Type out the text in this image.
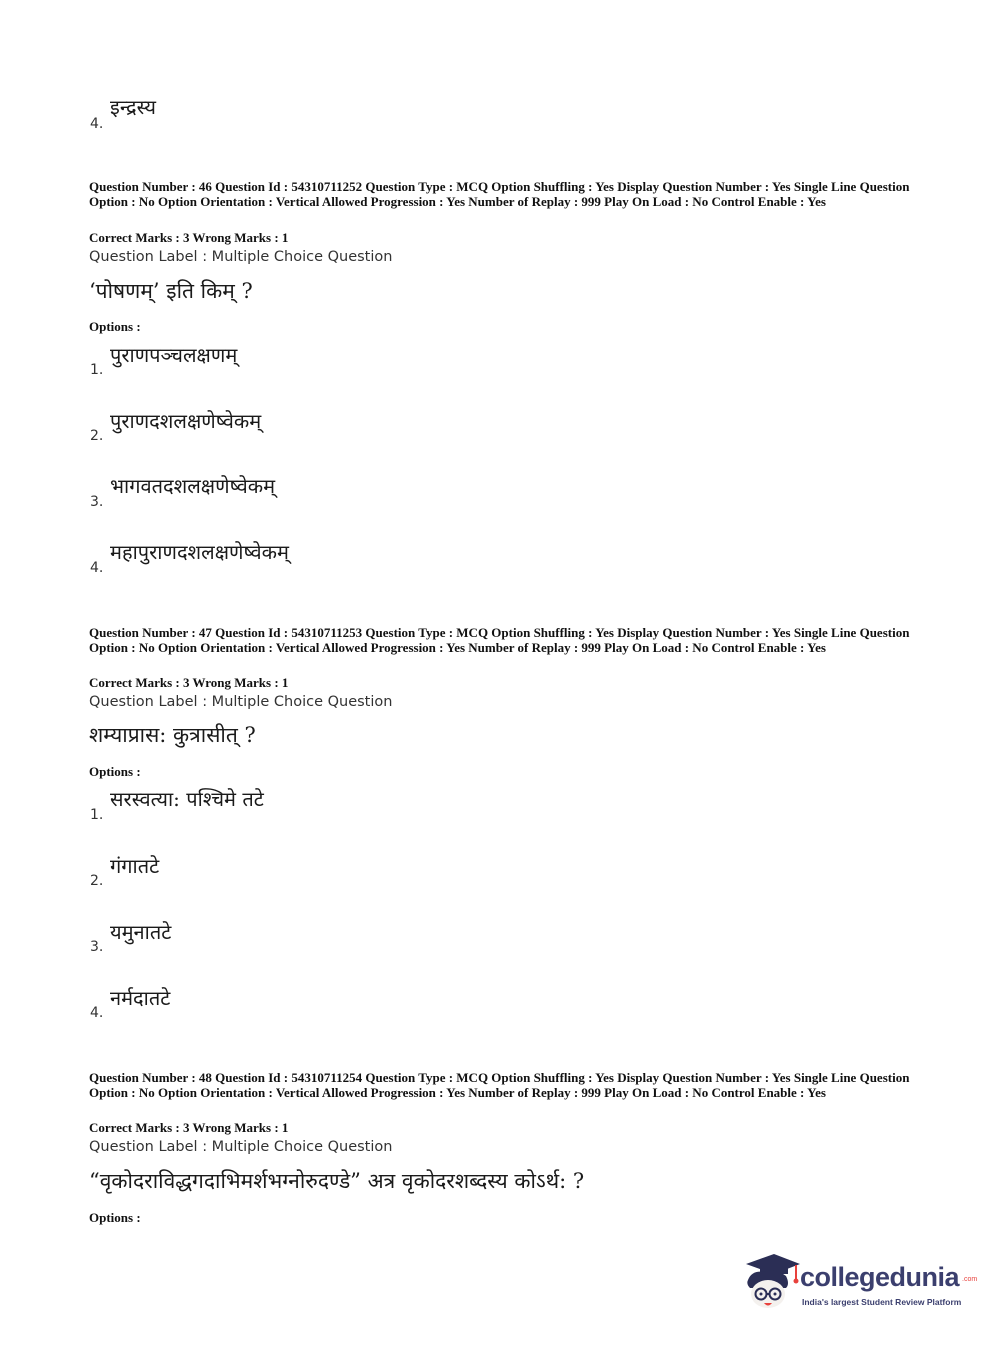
4.
इन्द्रस्य
Question Number : 46 Question Id : 54310711252 Question Type : MCQ Option Shuffling : Yes Display Question Number : Yes Single Line Question Option : No Option Orientation : Vertical Allowed Progression : Yes Number of Replay : 999 Play On Load : No Control Enable : Yes
Correct Marks : 3 Wrong Marks : 1
Question Label : Multiple Choice Question
‘पोषणम्’ इति किम् ?
Options :
1.
पुराणपञ्चलक्षणम्
2.
पुराणदशलक्षणेष्वेकम्
3.
भागवतदशलक्षणेष्वेकम्
4.
महापुराणदशलक्षणेष्वेकम्
Question Number : 47 Question Id : 54310711253 Question Type : MCQ Option Shuffling : Yes Display Question Number : Yes Single Line Question Option : No Option Orientation : Vertical Allowed Progression : Yes Number of Replay : 999 Play On Load : No Control Enable : Yes
Correct Marks : 3 Wrong Marks : 1
Question Label : Multiple Choice Question
शम्याप्रास: कुत्रासीत् ?
Options :
1.
सरस्वत्या: पश्चिमे तटे
2.
गंगातटे
3.
यमुनातटे
4.
नर्मदातटे
Question Number : 48 Question Id : 54310711254 Question Type : MCQ Option Shuffling : Yes Display Question Number : Yes Single Line Question Option : No Option Orientation : Vertical Allowed Progression : Yes Number of Replay : 999 Play On Load : No Control Enable : Yes
Correct Marks : 3 Wrong Marks : 1
Question Label : Multiple Choice Question
“वृकोदराविद्धगदाभिमर्शभग्नोरुदण्डे” अत्र वृकोदरशब्दस्य कोऽर्थ: ?
Options :
collegedunia .com
India's largest Student Review Platform
